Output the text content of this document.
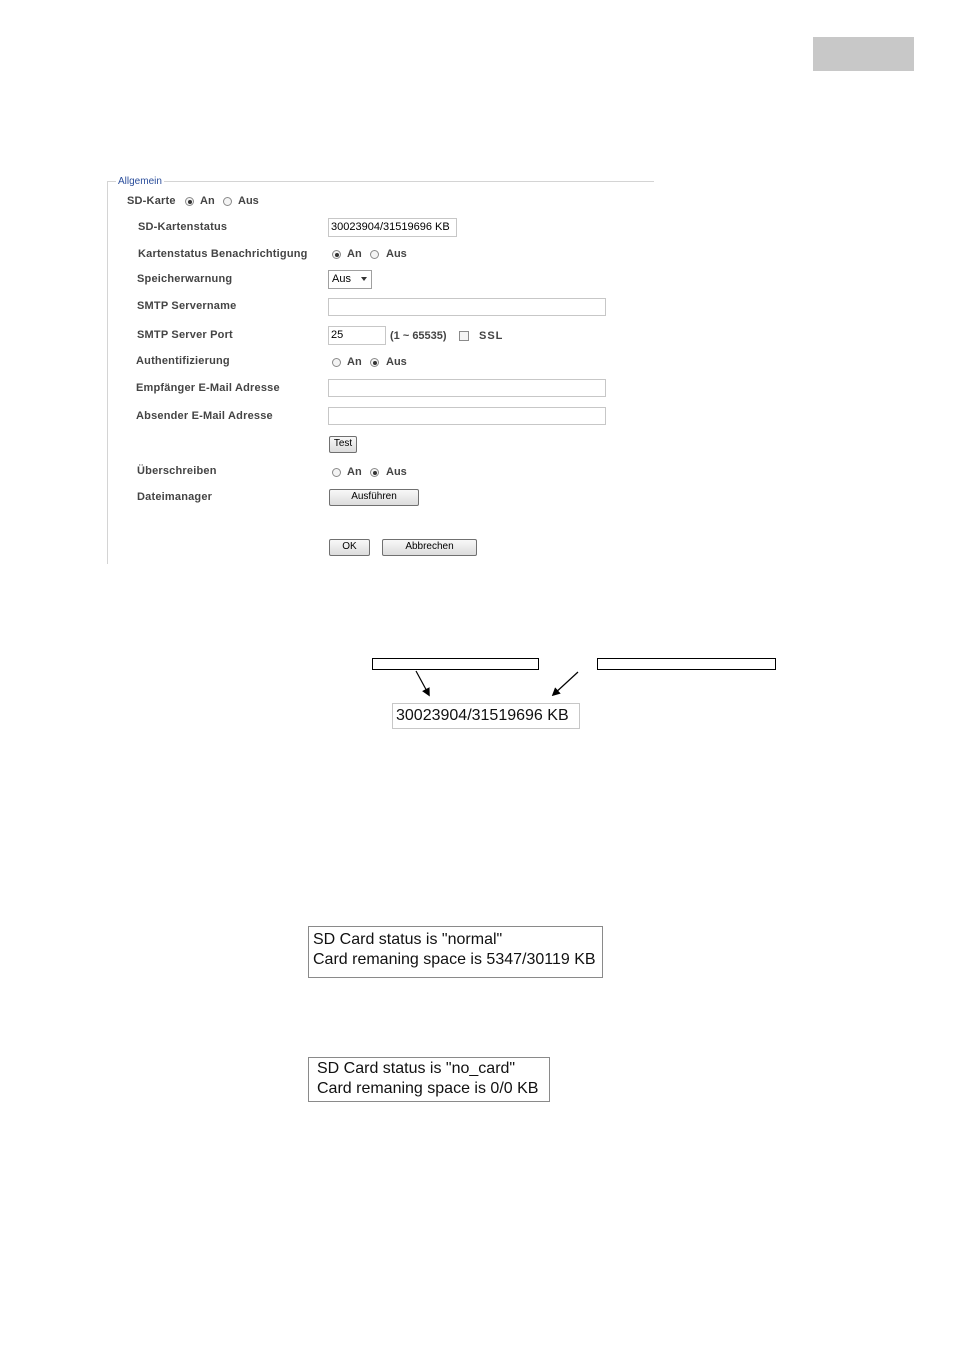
Allgemein
SD-Karte An Aus
SD-Kartenstatus	30023904/31519696 KB
Kartenstatus Benachrichtigung	An Aus
Speicherwarnung	Aus
SMTP Servername
SMTP Server Port	25	(1 ~ 65535)	SSL
Authentifizierung	An Aus
Empfänger E-Mail Adresse
Absender E-Mail Adresse
Test
Überschreiben	An Aus
Dateimanager	Ausführen
OK	Abbrechen
30023904/31519696 KB
SD Card status is "normal"
Card remaning space is 5347/30119 KB
SD Card status is "no_card"
Card remaning space is 0/0 KB
